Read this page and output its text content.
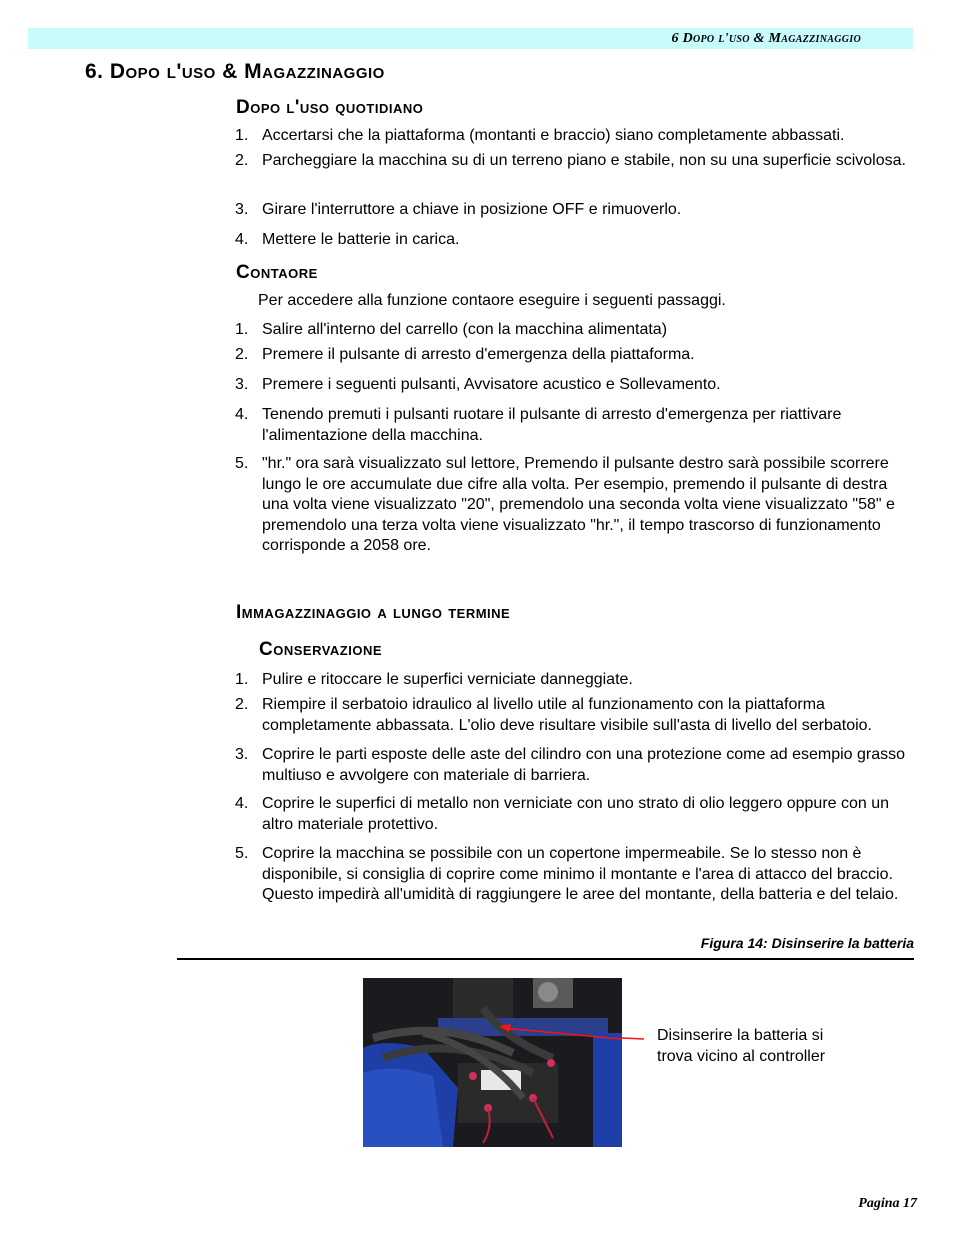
6 Dopo l'uso & Magazzinaggio
6. Dopo l'uso & Magazzinaggio
Dopo l'uso quotidiano
1. Accertarsi che la piattaforma (montanti e braccio) siano completamente abbassati.
2. Parcheggiare la macchina su di un terreno piano e stabile, non su una superficie scivolosa.
3. Girare l'interruttore a chiave in posizione OFF e rimuoverlo.
4. Mettere le batterie in carica.
Contaore
Per accedere alla funzione contaore eseguire i seguenti passaggi.
1. Salire all'interno del carrello (con la macchina alimentata)
2. Premere il pulsante di arresto d'emergenza della piattaforma.
3. Premere i seguenti pulsanti, Avvisatore acustico e Sollevamento.
4. Tenendo premuti i pulsanti ruotare il pulsante di arresto d'emergenza per riattivare l'alimentazione della macchina.
5. "hr." ora sarà visualizzato sul lettore, Premendo il pulsante destro sarà possibile scorrere lungo le ore accumulate due cifre alla volta. Per esempio, premendo il pulsante di destra una volta viene visualizzato "20", premendolo una seconda volta viene visualizzato "58" e premendolo una terza volta viene visualizzato "hr.", il tempo trascorso di funzionamento corrisponde a 2058 ore.
Immagazzinaggio a lungo termine
Conservazione
1. Pulire e ritoccare le superfici verniciate danneggiate.
2. Riempire il serbatoio idraulico al livello utile al funzionamento con la piattaforma completamente abbassata. L'olio deve risultare visibile sull'asta di livello del serbatoio.
3. Coprire le parti esposte delle aste del cilindro con una protezione come ad esempio grasso multiuso e avvolgere con materiale di barriera.
4. Coprire le superfici di metallo non verniciate con uno strato di olio leggero oppure con un altro materiale protettivo.
5. Coprire la macchina se possibile con un copertone impermeabile. Se lo stesso non è disponibile, si consiglia di coprire come minimo il montante e l'area di attacco del braccio. Questo impedirà all'umidità di raggiungere le aree del montante, della batteria e del telaio.
Figura 14: Disinserire la batteria
Disinserire la batteria si trova vicino al controller
Pagina 17
